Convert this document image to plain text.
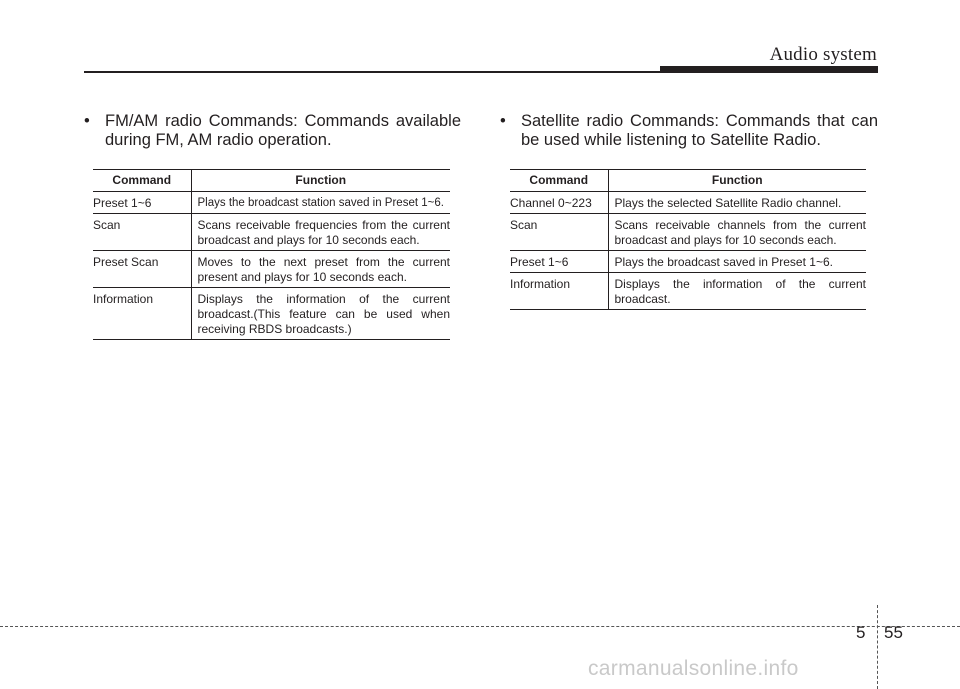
Audio system
• FM/AM radio Commands: Commands available during FM, AM radio operation.
Command	Function
Preset 1~6	Plays the broadcast station saved in Preset 1~6.
Scan	Scans receivable frequencies from the current broadcast and plays for 10 seconds each.
Preset Scan	Moves to the next preset from the current present and plays for 10 seconds each.
Information	Displays the information of the current broadcast.(This feature can be used when receiving RBDS broadcasts.)
• Satellite radio Commands: Commands that can be used while listening to Satellite Radio.
Command	Function
Channel 0~223	Plays the selected Satellite Radio channel.
Scan	Scans receivable channels from the current broadcast and plays for 10 seconds each.
Preset 1~6	Plays the broadcast saved in Preset 1~6.
Information	Displays the information of the current broadcast.
5 55
carmanualsonline.info
